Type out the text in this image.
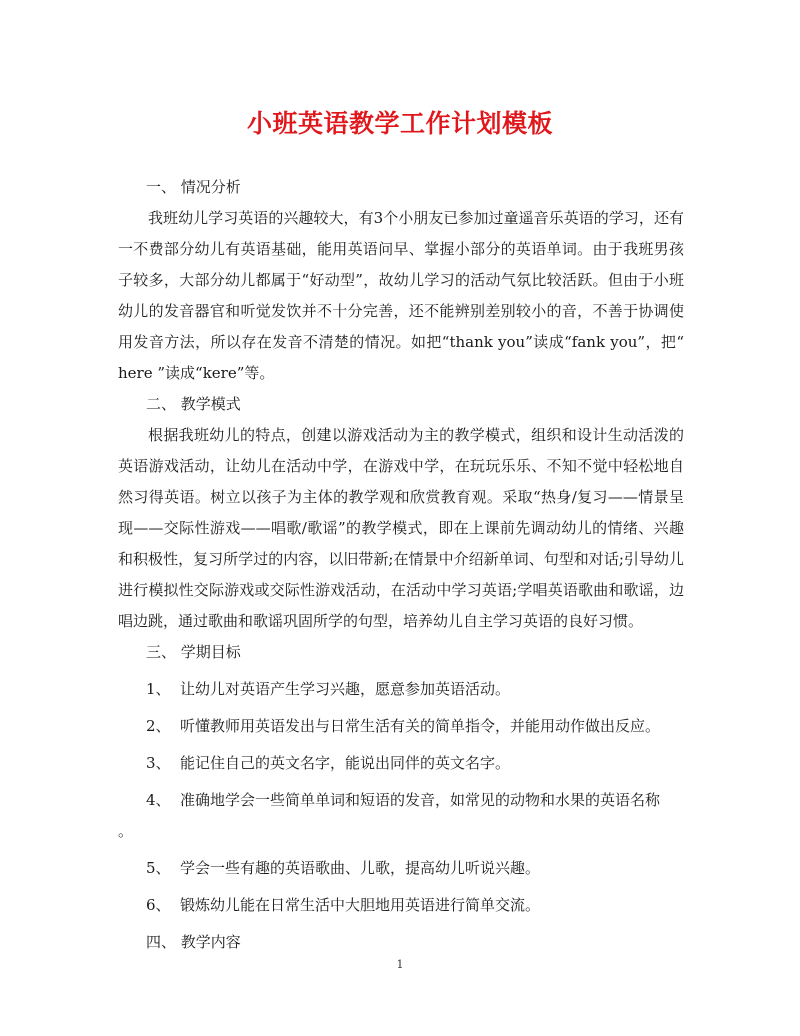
小班英语教学工作计划模板
一、 情况分析

我班幼儿学习英语的兴趣较大，有3个小朋友已参加过童遥音乐英语的学习，还有一不费部分幼儿有英语基础，能用英语问早、掌握小部分的英语单词。由于我班男孩子较多，大部分幼儿都属于“好动型”，故幼儿学习的活动气氛比较活跃。但由于小班幼儿的发音器官和听觉发饮并不十分完善，还不能辨别差别较小的音，不善于协调使用发音方法，所以存在发音不清楚的情况。如把“thank you”读成“fank you”，把“ here ”读成“kere”等。

二、 教学模式

根据我班幼儿的特点，创建以游戏活动为主的教学模式，组织和设计生动活泼的英语游戏活动，让幼儿在活动中学，在游戏中学，在玩玩乐乐、不知不觉中轻松地自然习得英语。树立以孩子为主体的教学观和欣赏教育观。采取“热身/复习——情景呈现——交际性游戏——唱歌/歌谣”的教学模式，即在上课前先调动幼儿的情绪、兴趣和积极性，复习所学过的内容，以旧带新;在情景中介绍新单词、句型和对话;引导幼儿进行模拟性交际游戏或交际性游戏活动，在活动中学习英语;学唱英语歌曲和歌谣，边唱边跳，通过歌曲和歌谣巩固所学的句型，培养幼儿自主学习英语的良好习惯。

三、 学期目标
1、 让幼儿对英语产生学习兴趣，愿意参加英语活动。
2、 听懂教师用英语发出与日常生活有关的简单指令，并能用动作做出反应。
3、 能记住自己的英文名字，能说出同伴的英文名字。
4、 准确地学会一些简单单词和短语的发音，如常见的动物和水果的英语名称
。
5、 学会一些有趣的英语歌曲、儿歌，提高幼儿听说兴趣。
6、 锻炼幼儿能在日常生活中大胆地用英语进行简单交流。
四、 教学内容
1
